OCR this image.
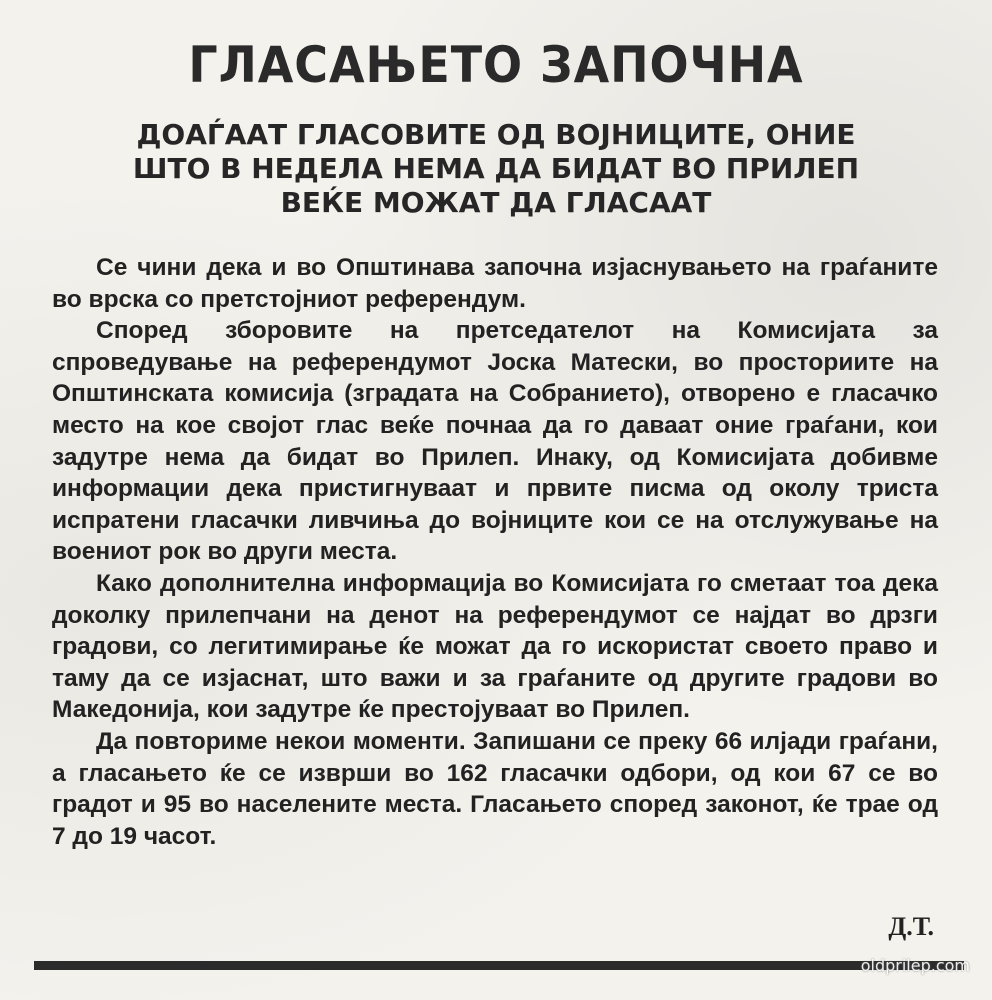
ГЛАСАЊЕТО ЗАПОЧНА
ДОАЃААТ ГЛАСОВИТЕ ОД ВОЈНИЦИТЕ, ОНИЕ
ШТО В НЕДЕЛА НЕМА ДА БИДАТ ВО ПРИЛЕП
ВЕЌЕ МОЖАТ ДА ГЛАСААТ

Се чини дека и во Општинава започна изјаснувањето на граѓаните во врска со претстојниот референдум.

Според зборовите на претседателот на Комисијата за спроведување на референдумот Јоска Матески, во просториите на Општинската комисија (зградата на Собранието), отворено е гласачко место на кое својот глас веќе почнаа да го даваат оние граѓани, кои задутре нема да бидат во Прилеп. Инаку, од Комисијата добивме информации дека пристигнуваат и првите писма од околу триста испратени гласачки ливчиња до војниците кои се на отслужување на воениот рок во други места.

Како дополнителна информација во Комисијата го сметаат тоа дека доколку прилепчани на денот на референдумот се најдат во дрзги градови, со легитимирање ќе можат да го искористат своето право и таму да се изјаснат, што важи и за граѓаните од другите градови во Македонија, кои задутре ќе престојуваат во Прилеп.

Да повториме некои моменти. Запишани се преку 66 илјади граѓани, а гласањето ќе се изврши во 162 гласачки одбори, од кои 67 се во градот и 95 во населените места. Гласањето според законот, ќе трае од 7 до 19 часот.

Д.Т.
oldprilep.com
